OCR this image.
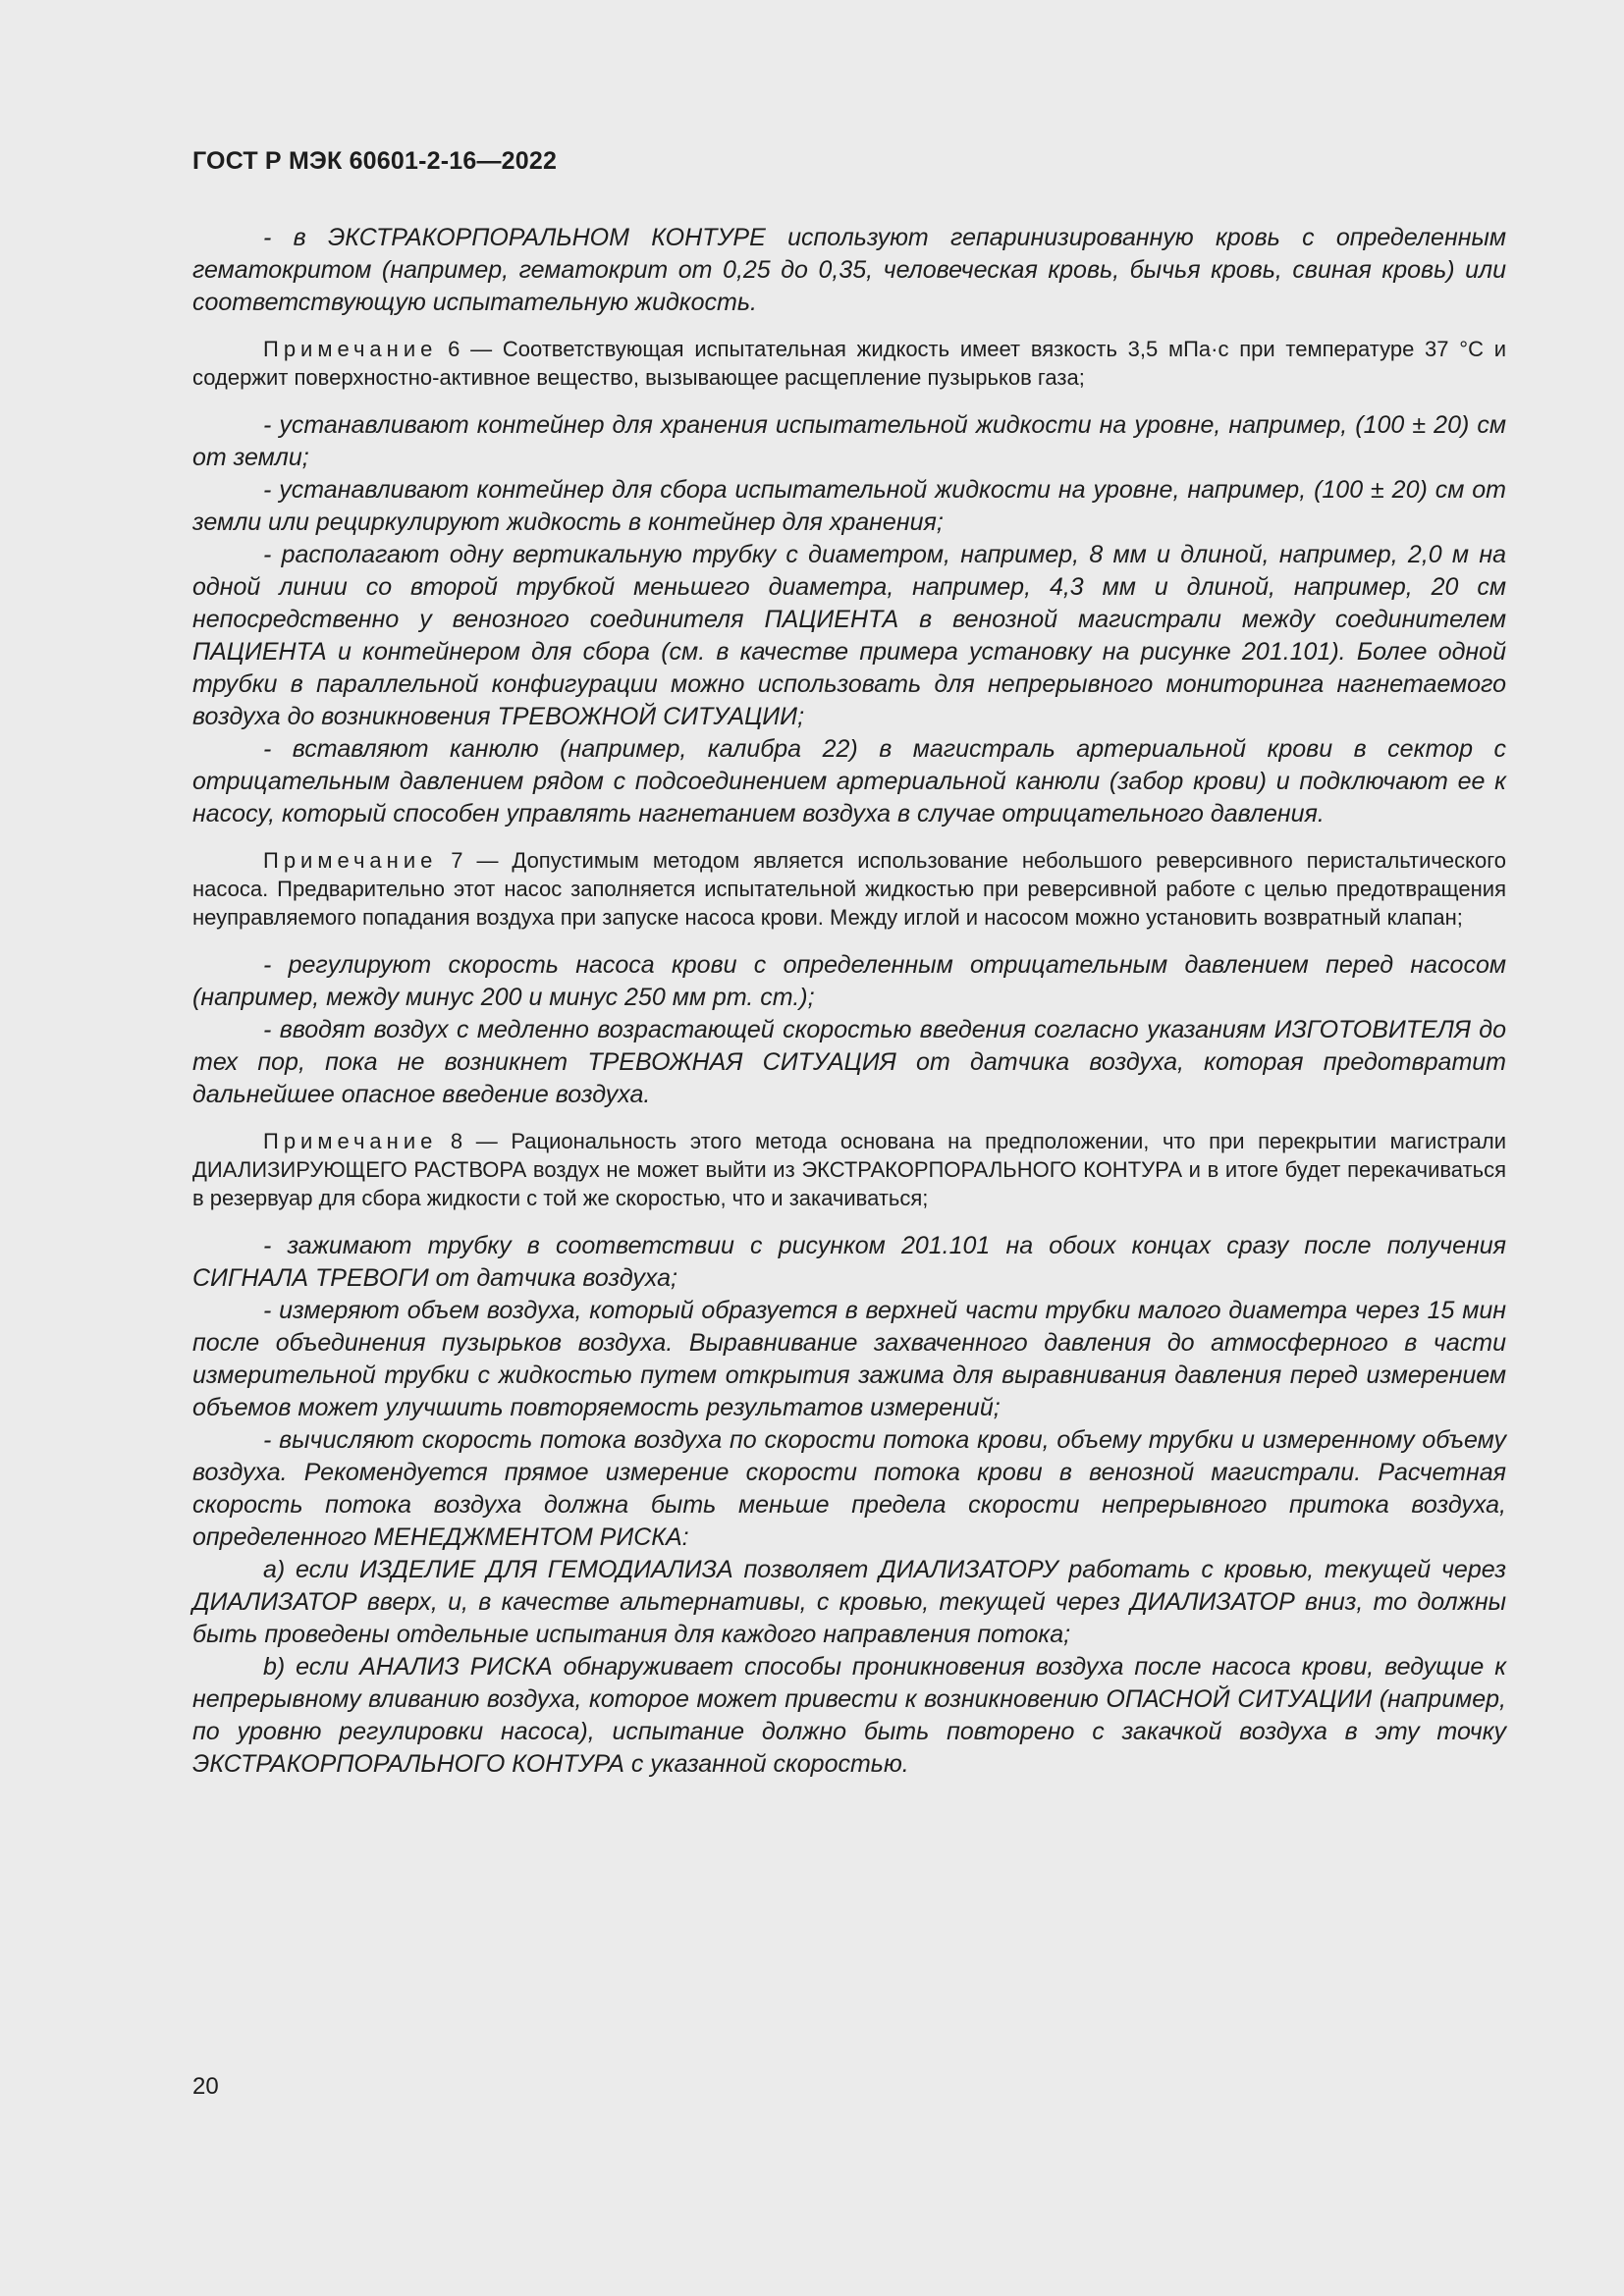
ГОСТ Р МЭК 60601-2-16—2022

- в ЭКСТРАКОРПОРАЛЬНОМ КОНТУРЕ используют гепаринизированную кровь с определенным гематокритом (например, гематокрит от 0,25 до 0,35, человеческая кровь, бычья кровь, свиная кровь) или соответствующую испытательную жидкость.

Примечание 6 — Соответствующая испытательная жидкость имеет вязкость 3,5 мПа·с при температуре 37 °С и содержит поверхностно-активное вещество, вызывающее расщепление пузырьков газа;

- устанавливают контейнер для хранения испытательной жидкости на уровне, например, (100 ± 20) см от земли;

- устанавливают контейнер для сбора испытательной жидкости на уровне, например, (100 ± 20) см от земли или рециркулируют жидкость в контейнер для хранения;

- располагают одну вертикальную трубку с диаметром, например, 8 мм и длиной, например, 2,0 м на одной линии со второй трубкой меньшего диаметра, например, 4,3 мм и длиной, например, 20 см непосредственно у венозного соединителя ПАЦИЕНТА в венозной магистрали между соединителем ПАЦИЕНТА и контейнером для сбора (см. в качестве примера установку на рисунке 201.101). Более одной трубки в параллельной конфигурации можно использовать для непрерывного мониторинга нагнетаемого воздуха до возникновения ТРЕВОЖНОЙ СИТУАЦИИ;

- вставляют канюлю (например, калибра 22) в магистраль артериальной крови в сектор с отрицательным давлением рядом с подсоединением артериальной канюли (забор крови) и подключают ее к насосу, который способен управлять нагнетанием воздуха в случае отрицательного давления.

Примечание 7 — Допустимым методом является использование небольшого реверсивного перистальтического насоса. Предварительно этот насос заполняется испытательной жидкостью при реверсивной работе с целью предотвращения неуправляемого попадания воздуха при запуске насоса крови. Между иглой и насосом можно установить возвратный клапан;

- регулируют скорость насоса крови с определенным отрицательным давлением перед насосом (например, между минус 200 и минус 250 мм рт. ст.);

- вводят воздух с медленно возрастающей скоростью введения согласно указаниям ИЗГОТОВИТЕЛЯ до тех пор, пока не возникнет ТРЕВОЖНАЯ СИТУАЦИЯ от датчика воздуха, которая предотвратит дальнейшее опасное введение воздуха.

Примечание 8 — Рациональность этого метода основана на предположении, что при перекрытии магистрали ДИАЛИЗИРУЮЩЕГО РАСТВОРА воздух не может выйти из ЭКСТРАКОРПОРАЛЬНОГО КОНТУРА и в итоге будет перекачиваться в резервуар для сбора жидкости с той же скоростью, что и закачиваться;

- зажимают трубку в соответствии с рисунком 201.101 на обоих концах сразу после получения СИГНАЛА ТРЕВОГИ от датчика воздуха;

- измеряют объем воздуха, который образуется в верхней части трубки малого диаметра через 15 мин после объединения пузырьков воздуха. Выравнивание захваченного давления до атмосферного в части измерительной трубки с жидкостью путем открытия зажима для выравнивания давления перед измерением объемов может улучшить повторяемость результатов измерений;

- вычисляют скорость потока воздуха по скорости потока крови, объему трубки и измеренному объему воздуха. Рекомендуется прямое измерение скорости потока крови в венозной магистрали. Расчетная скорость потока воздуха должна быть меньше предела скорости непрерывного притока воздуха, определенного МЕНЕДЖМЕНТОМ РИСКА:

a) если ИЗДЕЛИЕ ДЛЯ ГЕМОДИАЛИЗА позволяет ДИАЛИЗАТОРУ работать с кровью, текущей через ДИАЛИЗАТОР вверх, и, в качестве альтернативы, с кровью, текущей через ДИАЛИЗАТОР вниз, то должны быть проведены отдельные испытания для каждого направления потока;

b) если АНАЛИЗ РИСКА обнаруживает способы проникновения воздуха после насоса крови, ведущие к непрерывному вливанию воздуха, которое может привести к возникновению ОПАСНОЙ СИТУАЦИИ (например, по уровню регулировки насоса), испытание должно быть повторено с закачкой воздуха в эту точку ЭКСТРАКОРПОРАЛЬНОГО КОНТУРА с указанной скоростью.

20
